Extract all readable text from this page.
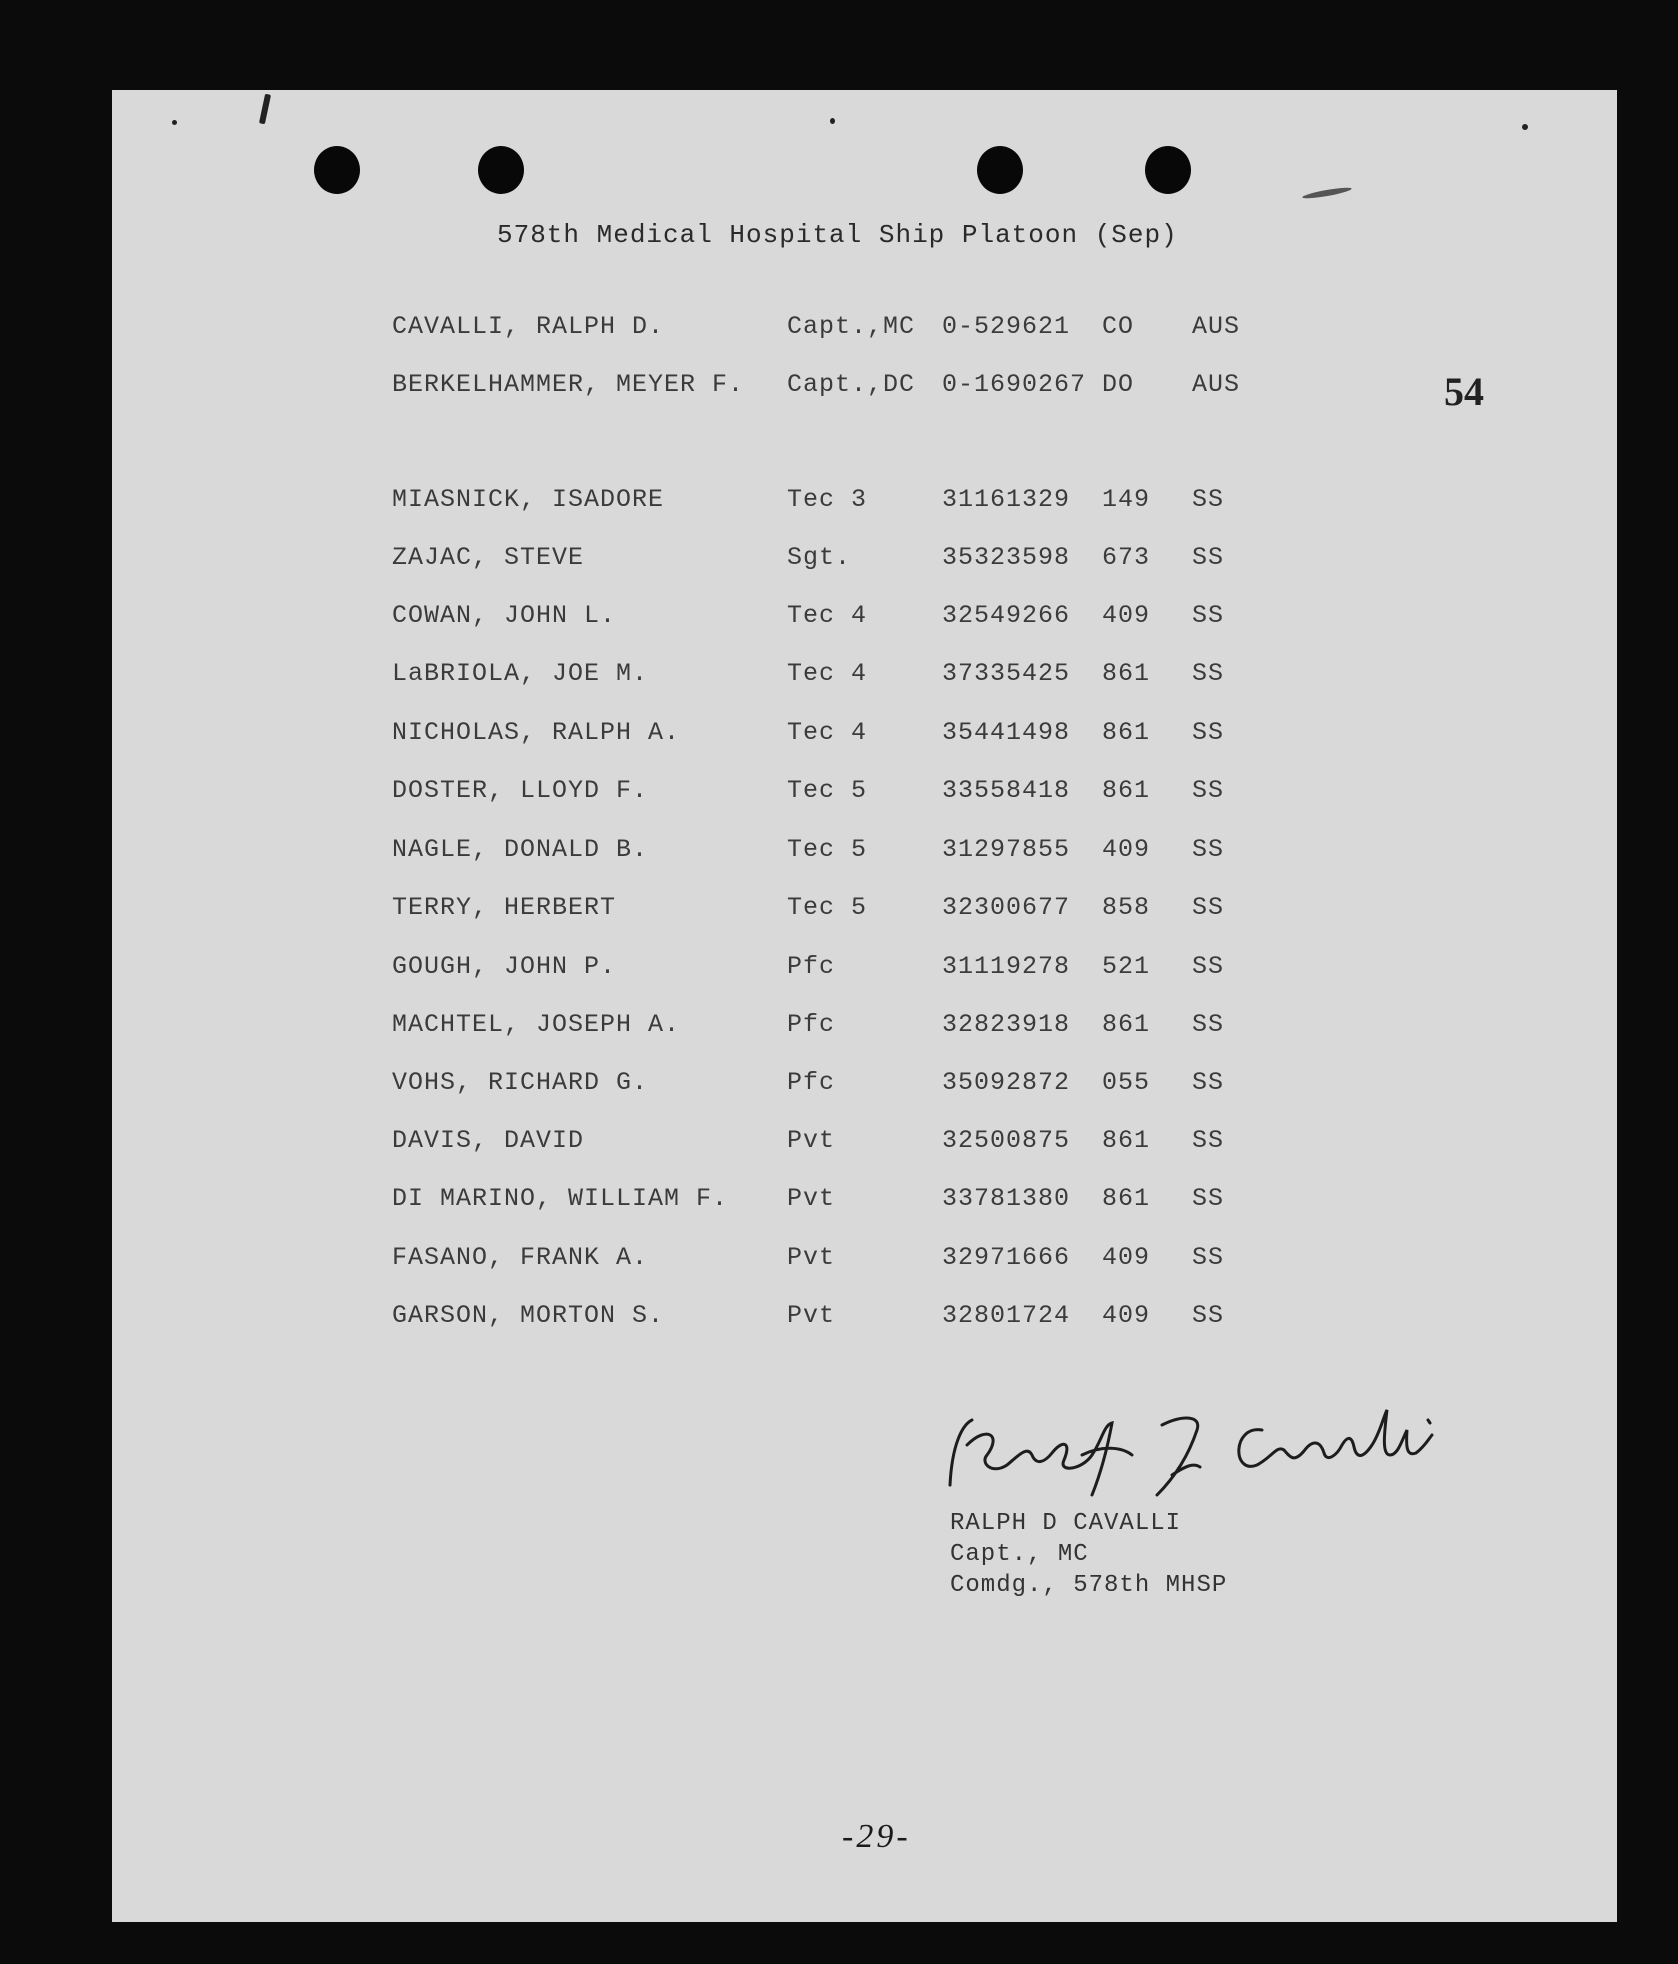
578th Medical Hospital Ship Platoon (Sep)
54
CAVALLI, RALPH D.	Capt.,MC 0-529621 CO AUS
BERKELHAMMER, MEYER F. Capt.,DC 0-1690267 DO AUS
MIASNICK, ISADORE	Tec 3	31161329 149 SS
ZAJAC, STEVE	Sgt.	35323598 673 SS
COWAN, JOHN L.	Tec 4	32549266 409 SS
LaBRIOLA, JOE M.	Tec 4	37335425 861 SS
NICHOLAS, RALPH A.	Tec 4	35441498 861 SS
DOSTER, LLOYD F.	Tec 5	33558418 861 SS
NAGLE, DONALD B.	Tec 5	31297855 409 SS
TERRY, HERBERT	Tec 5	32300677 858 SS
GOUGH, JOHN P.	Pfc	31119278 521 SS
MACHTEL, JOSEPH A.	Pfc	32823918 861 SS
VOHS, RICHARD G.	Pfc	35092872 055 SS
DAVIS, DAVID	Pvt	32500875 861 SS
DI MARINO, WILLIAM F. Pvt	33781380 861 SS
FASANO, FRANK A.	Pvt	32971666 409 SS
GARSON, MORTON S.	Pvt	32801724 409 SS
RALPH D CAVALLI
Capt., MC
Comdg., 578th MHSP
-29-
